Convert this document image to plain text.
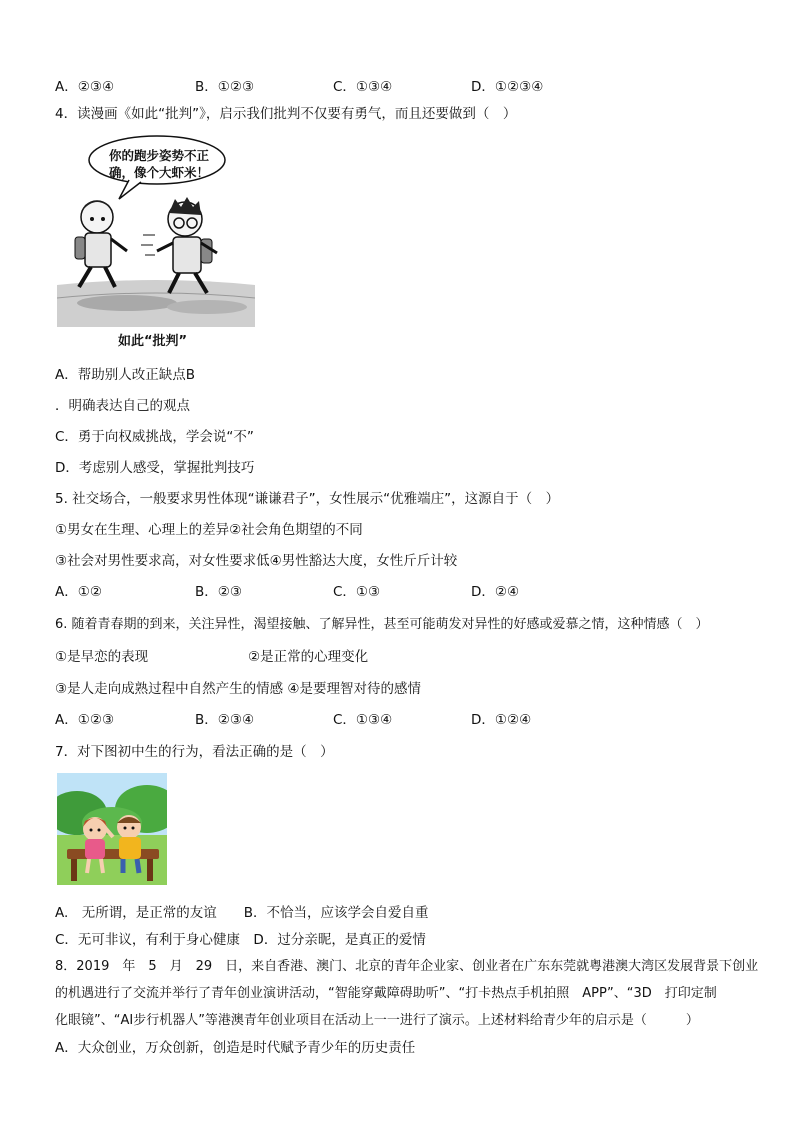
A．②③④	B．①②③	C．①③④	D．①②③④
4．读漫画《如此“批判”》，启示我们批判不仅要有勇气，而且还要做到（　）
你的跑步姿势不正
确，像个大虾米！
如此“批判”
A．帮助别人改正缺点B
．明确表达自己的观点
C．勇于向权威挑战，学会说“不”
D．考虑别人感受，掌握批判技巧
5. 社交场合，一般要求男性体现“谦谦君子”，女性展示“优雅端庄”，这源自于（　）
①男女在生理、心理上的差异②社会角色期望的不同
③社会对男性要求高，对女性要求低④男性豁达大度，女性斤斤计较
A．①②	B．②③	C．①③	D．②④
6. 随着青春期的到来，关注异性，渴望接触、了解异性，甚至可能萌发对异性的好感或爱慕之情，这种情感（　）
①是早恋的表现	②是正常的心理变化
③是人走向成熟过程中自然产生的情感 ④是要理智对待的感情
A．①②③	B．②③④	C．①③④	D．①②④
7．对下图初中生的行为，看法正确的是（　）
A.　无所谓，是正常的友谊　　B．不恰当，应该学会自爱自重
C．无可非议，有利于身心健康　D．过分亲昵，是真正的爱情
8．2019　年　5　月　29　日，来自香港、澳门、北京的青年企业家、创业者在广东东莞就粤港澳大湾区发展背景下创业
的机遇进行了交流并举行了青年创业演讲活动，“智能穿戴障碍助听”、“打卡热点手机拍照　APP”、“3D　打印定制
化眼镜”、“AI步行机器人”等港澳青年创业项目在活动上一一进行了演示。上述材料给青少年的启示是（　　　）
A．大众创业，万众创新，创造是时代赋予青少年的历史责任
